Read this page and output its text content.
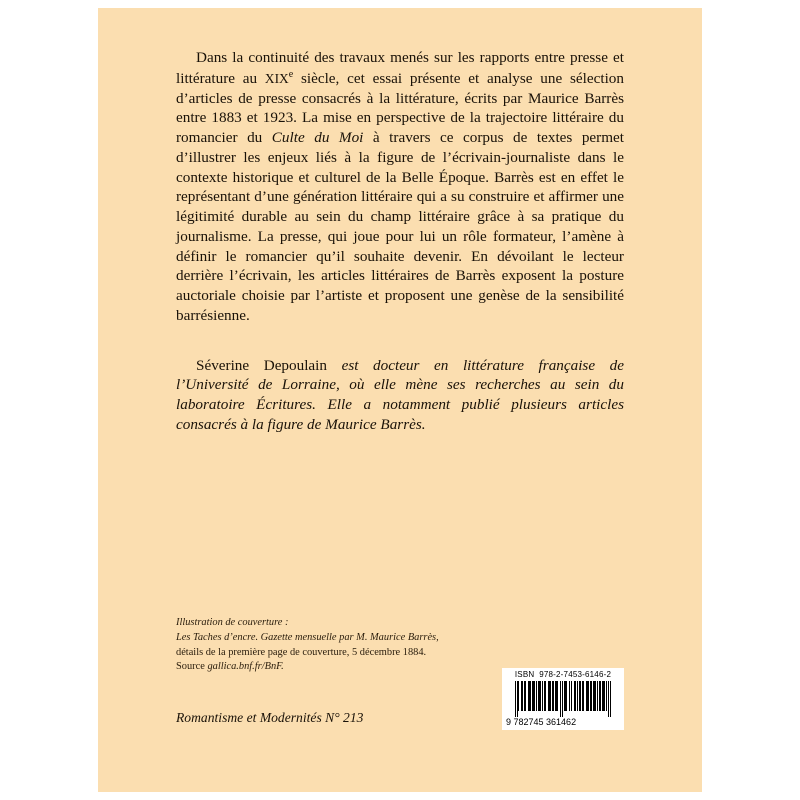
Dans la continuité des travaux menés sur les rapports entre presse et littérature au XIXe siècle, cet essai présente et analyse une sélection d’articles de presse consacrés à la littérature, écrits par Maurice Barrès entre 1883 et 1923. La mise en perspective de la trajectoire littéraire du romancier du Culte du Moi à travers ce corpus de textes permet d’illustrer les enjeux liés à la figure de l’écrivain-journaliste dans le contexte historique et culturel de la Belle Époque. Barrès est en effet le représentant d’une génération littéraire qui a su construire et affirmer une légitimité durable au sein du champ littéraire grâce à sa pratique du journalisme. La presse, qui joue pour lui un rôle formateur, l’amène à définir le romancier qu’il souhaite devenir. En dévoilant le lecteur derrière l’écrivain, les articles littéraires de Barrès exposent la posture auctoriale choisie par l’artiste et proposent une genèse de la sensibilité barrésienne.

Séverine Depoulain est docteur en littérature française de l’Université de Lorraine, où elle mène ses recherches au sein du laboratoire Écritures. Elle a notamment publié plusieurs articles consacrés à la figure de Maurice Barrès.

Illustration de couverture :
Les Taches d’encre. Gazette mensuelle par M. Maurice Barrès,
détails de la première page de couverture, 5 décembre 1884.
Source gallica.bnf.fr/BnF.
Romantisme et Modernités N° 213
ISBN 978-2-7453-6146-2
9 782745 361462
